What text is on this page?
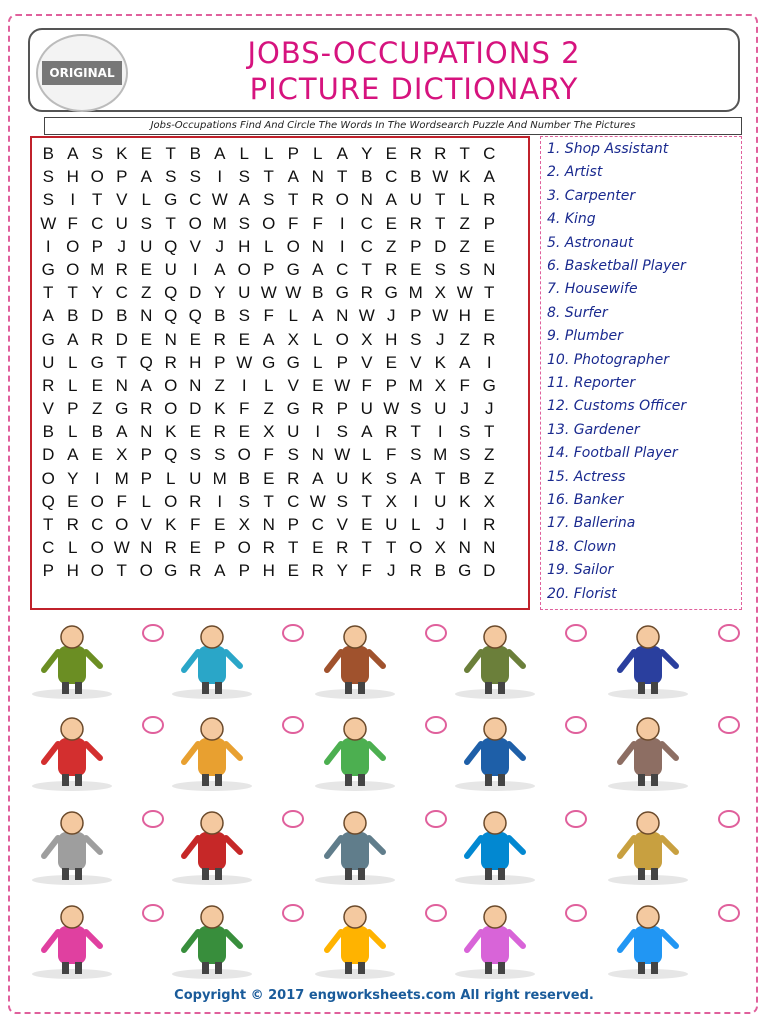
ORIGINAL
JOBS-OCCUPATIONS 2
PICTURE DICTIONARY
Jobs-Occupations Find And Circle The Words In The Wordsearch Puzzle And Number The Pictures
B A S K E T B A L L P L A Y E R R T C
S H O P A S S I S T A N T B C B W K A
S I T V L G C W A S T R O N A U T L R
W F C U S T O M S O F F I C E R T Z P
I O P J U Q V J H L O N I C Z P D Z E
G O M R E U I A O P G A C T R E S S N
T T Y C Z Q D Y U W W B G R G M X W T
A B D B N Q Q B S F L A N W J P W H E
G A R D E N E R E A X L O X H S J Z R
U L G T Q R H P W G G L P V E V K A I
R L E N A O N Z I	L V E W F P M X F G
V P Z G R O D K F Z G R P U W S U J J
B L B A N K E R E X U I S A R T I S T
D A E X P Q S S O F S N W L F S M S Z
O Y I M P L U M B E R A U K S A T B Z
Q E O F L O R I S T C W S T X I U K X
T R C O V K F E X N P C V E U L J	I R
C L O W N R E P O R T E R T T O X N N
P H O T O G R A P H E R Y F J R B G D
1. Shop Assistant
2. Artist
3. Carpenter
4. King
5. Astronaut
6. Basketball Player
7. Housewife
8. Surfer
9. Plumber
10. Photographer
11. Reporter
12. Customs Officer
13. Gardener
14. Football Player
15. Actress
16. Banker
17. Ballerina
18. Clown
19. Sailor
20. Florist
Copyright © 2017 engworksheets.com All right reserved.
